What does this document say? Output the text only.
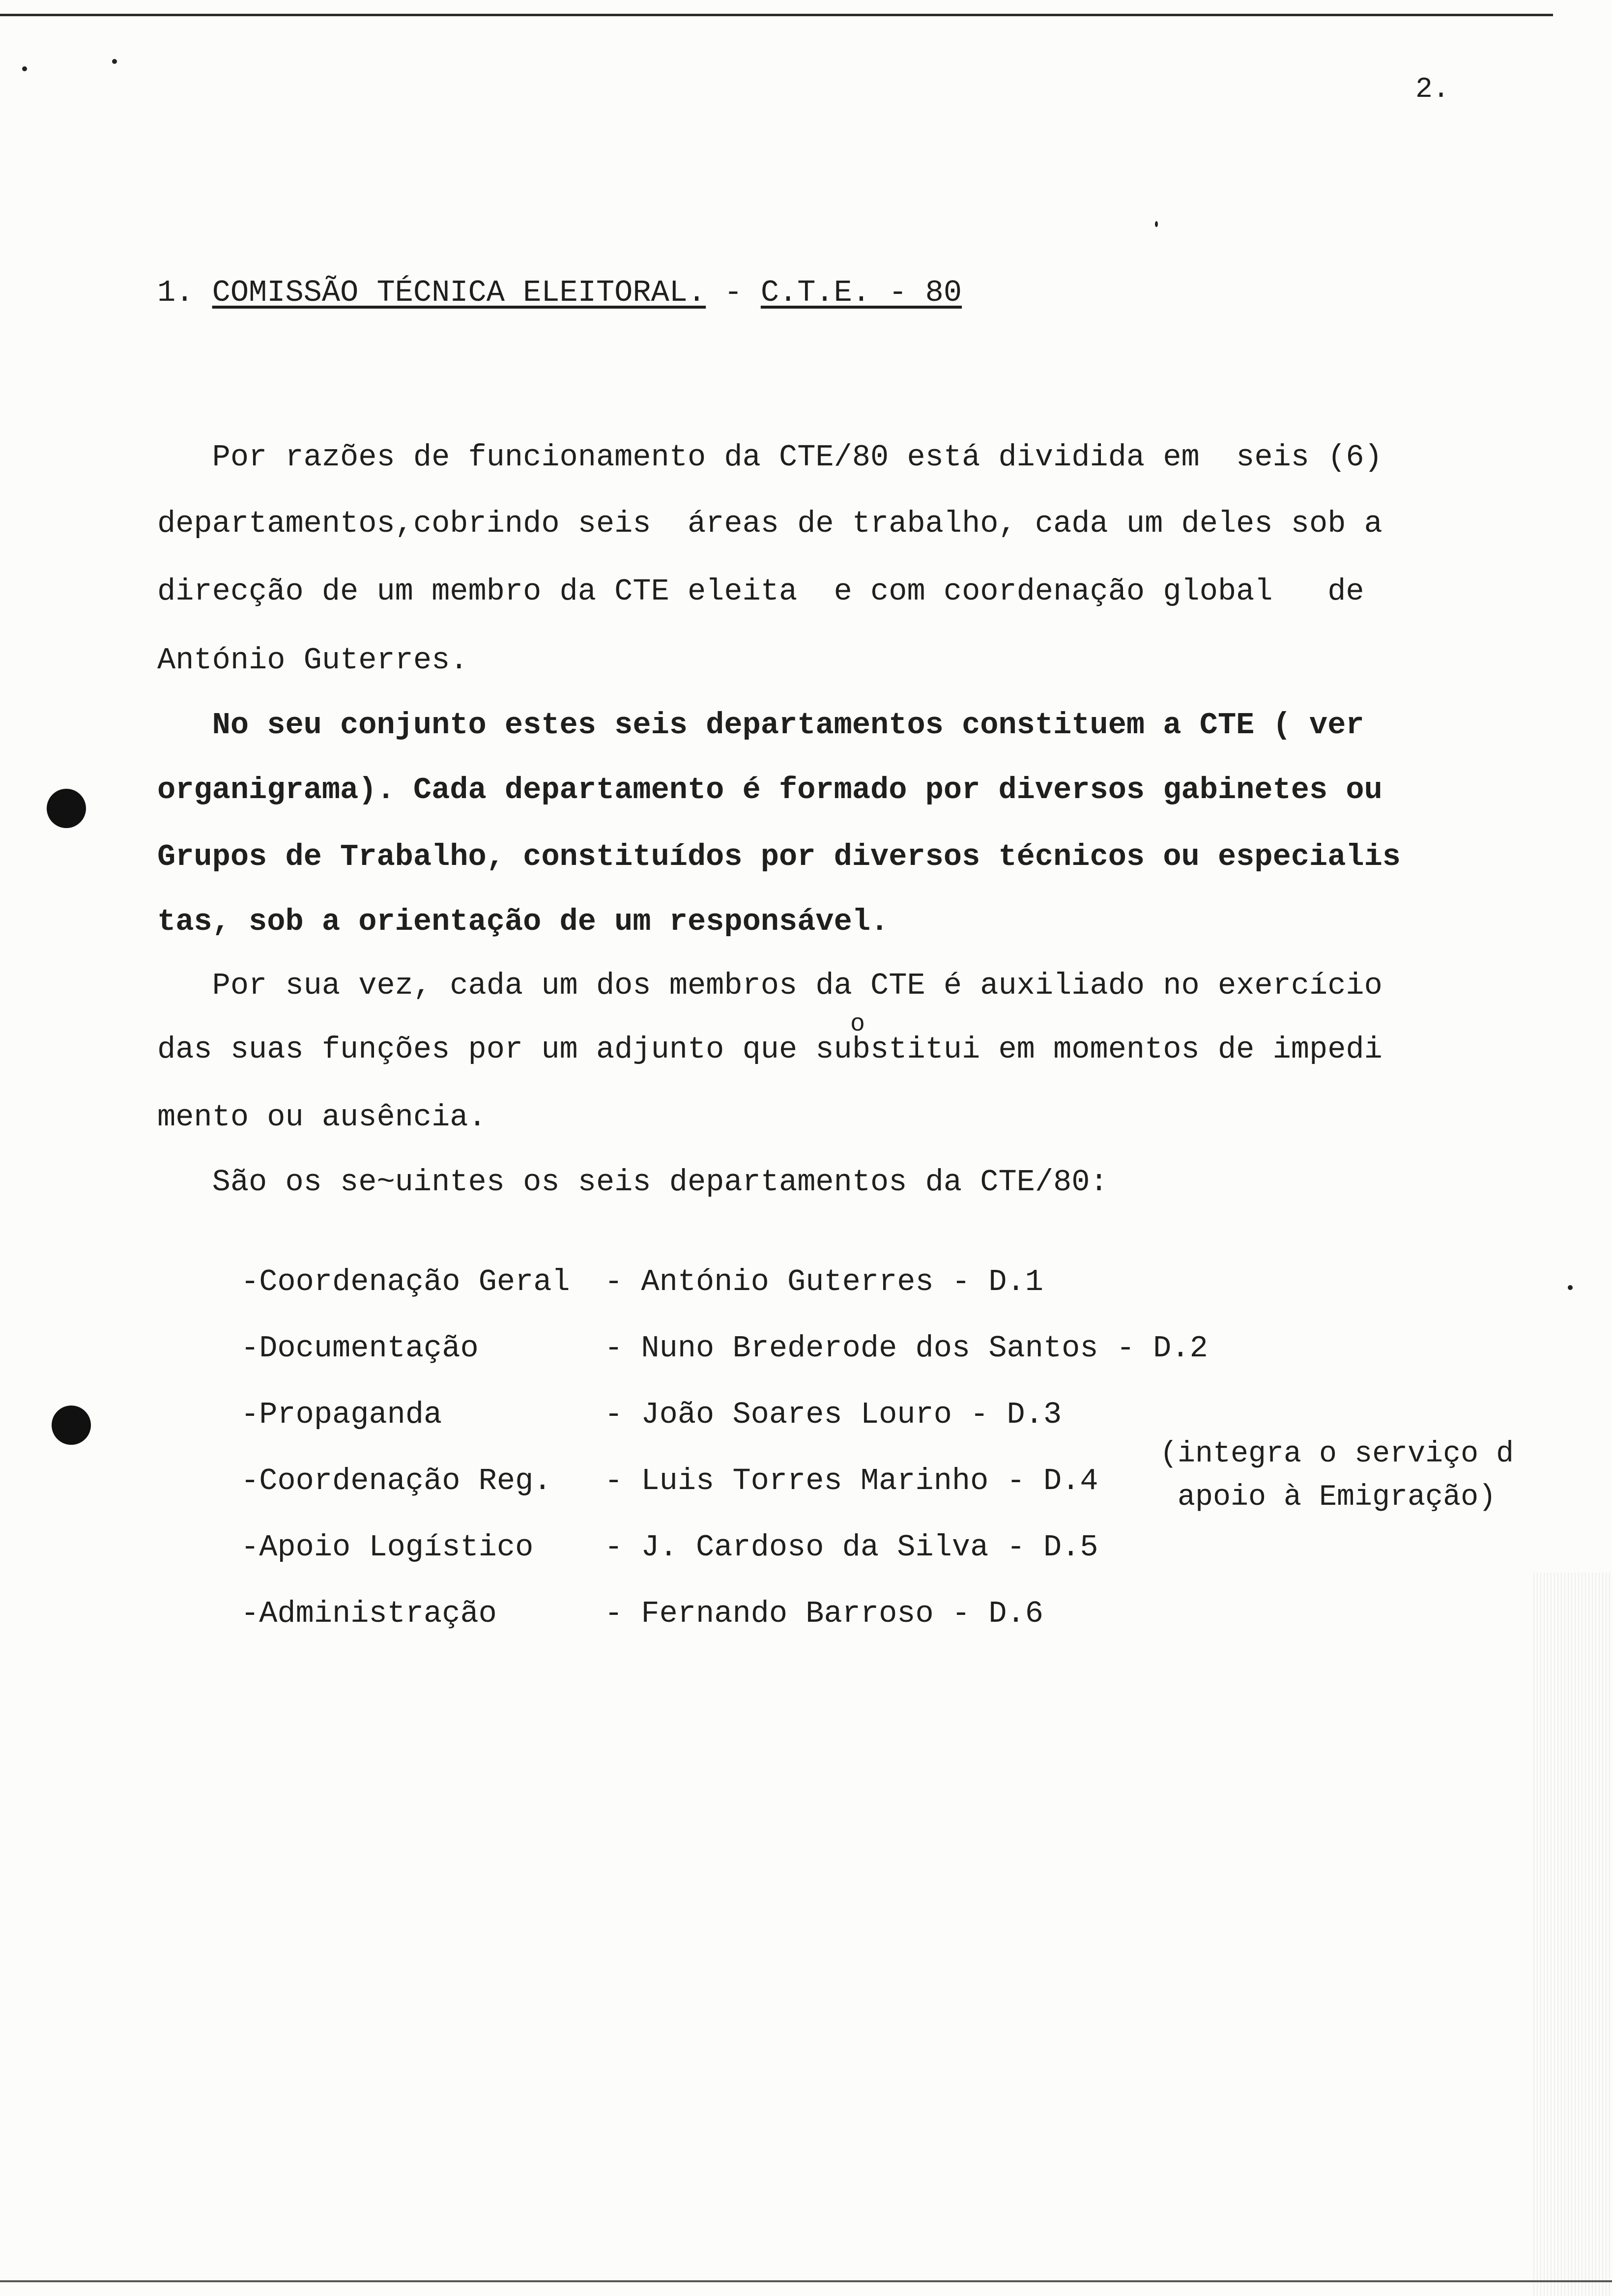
2.
1. COMISSÃO TÉCNICA ELEITORAL. - C.T.E. - 80
Por razões de funcionamento da CTE/80 está dividida em  seis (6)
departamentos,cobrindo seis  áreas de trabalho, cada um deles sob a
direcção de um membro da CTE eleita  e com coordenação global   de
António Guterres.
No seu conjunto estes seis departamentos constituem a CTE ( ver
organigrama). Cada departamento é formado por diversos gabinetes ou
Grupos de Trabalho, constituídos por diversos técnicos ou especialis
tas, sob a orientação de um responsável.
Por sua vez, cada um dos membros da CTE é auxiliado no exercício
o
das suas funções por um adjunto que substitui em momentos de impedi
mento ou ausência.
São os se~uintes os seis departamentos da CTE/80:
-Coordenação Geral - António Guterres - D.1
-Documentação	- Nuno Brederode dos Santos - D.2
-Propaganda	- João Soares Louro - D.3
-Coordenação Reg. - Luis Torres Marinho - D.4
-Apoio Logístico - J. Cardoso da Silva - D.5
-Administração	- Fernando Barroso - D.6
(integra o serviço d
apoio à Emigração)
